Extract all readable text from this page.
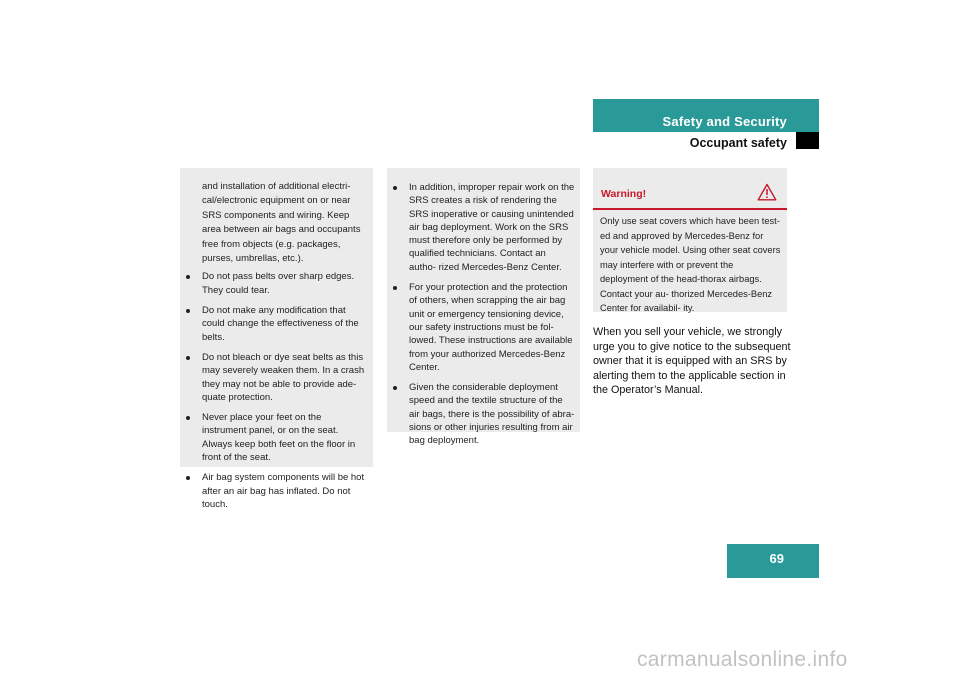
Safety and Security
Occupant safety

and installation of additional electri- cal/electronic equipment on or near SRS components and wiring. Keep area between air bags and occupants free from objects (e.g. packages, purses, umbrellas, etc.).

Do not pass belts over sharp edges. They could tear.
Do not make any modification that could change the effectiveness of the belts.
Do not bleach or dye seat belts as this may severely weaken them. In a crash they may not be able to provide ade- quate protection.
Never place your feet on the instrument panel, or on the seat. Always keep both feet on the floor in front of the seat.
Air bag system components will be hot after an air bag has inflated. Do not touch.
In addition, improper repair work on the SRS creates a risk of rendering the SRS inoperative or causing unintended air bag deployment. Work on the SRS must therefore only be performed by qualified technicians. Contact an autho- rized Mercedes-Benz Center.
For your protection and the protection of others, when scrapping the air bag unit or emergency tensioning device, our safety instructions must be fol- lowed. These instructions are available from your authorized Mercedes-Benz Center.
Given the considerable deployment speed and the textile structure of the air bags, there is the possibility of abra- sions or other injuries resulting from air bag deployment.
Warning!
Only use seat covers which have been test- ed and approved by Mercedes-Benz for your vehicle model. Using other seat covers may interfere with or prevent the deployment of the head-thorax airbags. Contact your au- thorized Mercedes-Benz Center for availabil- ity.
When you sell your vehicle, we strongly urge you to give notice to the subsequent owner that it is equipped with an SRS by alerting them to the applicable section in the Operator’s Manual.
69
carmanualsonline.info
